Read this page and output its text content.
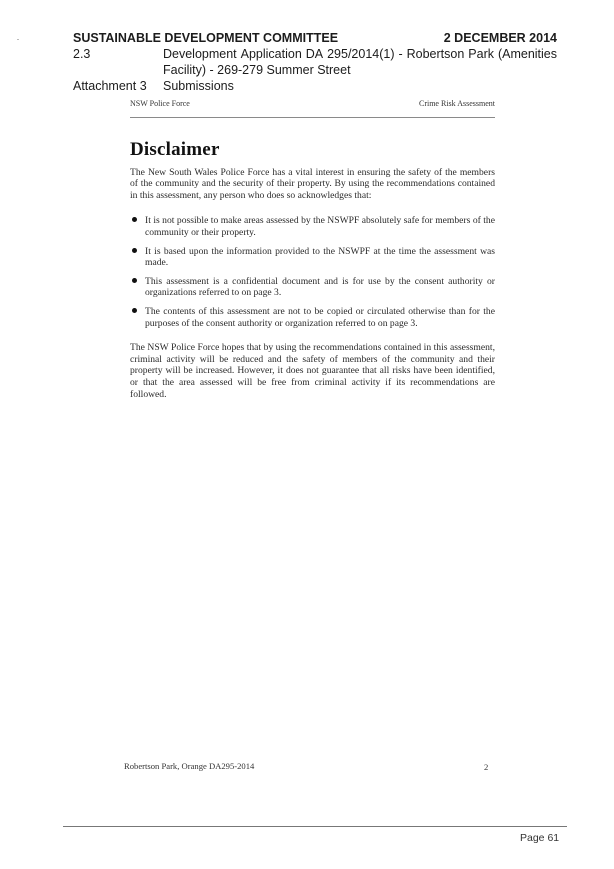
SUSTAINABLE DEVELOPMENT COMMITTEE	2 DECEMBER 2014
2.3	Development Application DA 295/2014(1) - Robertson Park (Amenities
Facility) - 269-279 Summer Street
Attachment 3	Submissions
NSW Police Force	Crime Risk Assessment
Disclaimer

The New South Wales Police Force has a vital interest in ensuring the safety of the members of the community and the security of their property. By using the recommendations contained in this assessment, any person who does so acknowledges that:

It is not possible to make areas assessed by the NSWPF absolutely safe for members of the community or their property.
It is based upon the information provided to the NSWPF at the time the assessment was made.
This assessment is a confidential document and is for use by the consent authority or organizations referred to on page 3.
The contents of this assessment are not to be copied or circulated otherwise than for the purposes of the consent authority or organization referred to on page 3.

The NSW Police Force hopes that by using the recommendations contained in this assessment, criminal activity will be reduced and the safety of members of the community and their property will be increased. However, it does not guarantee that all risks have been identified, or that the area assessed will be free from criminal activity if its recommendations are followed.

Robertson Park, Orange DA295-2014	2
Page 61
